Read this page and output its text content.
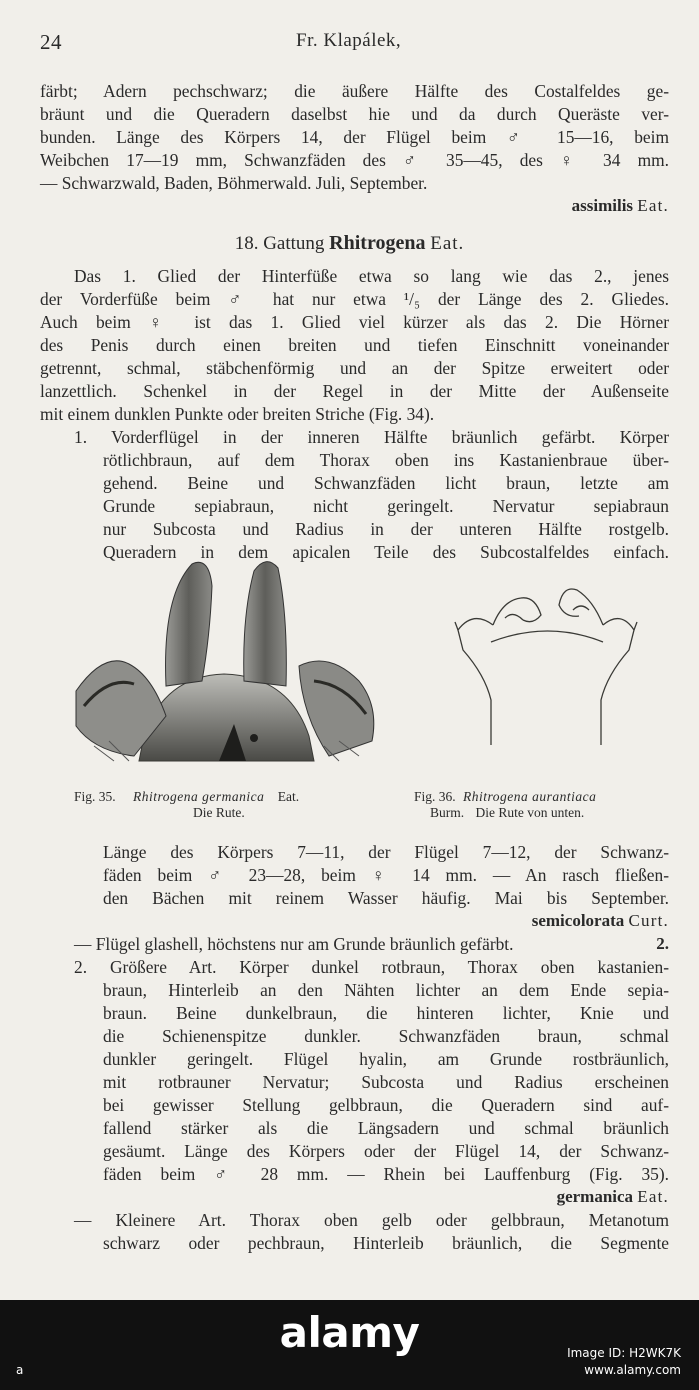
24	Fr. Klapálek,
färbt; Adern pechschwarz; die äußere Hälfte des Costalfeldes ge-
bräunt und die Queradern daselbst hie und da durch Queräste ver-
bunden. Länge des Körpers 14, der Flügel beim ♂ 15—16, beim
Weibchen 17—19 mm, Schwanzfäden des ♂ 35—45, des ♀ 34 mm.
— Schwarzwald, Baden, Böhmerwald. Juli, September.
assimilis Eat.
18. Gattung Rhitrogena Eat.
Das 1. Glied der Hinterfüße etwa so lang wie das 2., jenes
der Vorderfüße beim ♂ hat nur etwa ¹/₅ der Länge des 2. Gliedes.
Auch beim ♀ ist das 1. Glied viel kürzer als das 2. Die Hörner
des Penis durch einen breiten und tiefen Einschnitt voneinander
getrennt, schmal, stäbchenförmig und an der Spitze erweitert oder
lanzettlich. Schenkel in der Regel in der Mitte der Außenseite
mit einem dunklen Punkte oder breiten Striche (Fig. 34).
1. Vorderflügel in der inneren Hälfte bräunlich gefärbt. Körper
rötlichbraun, auf dem Thorax oben ins Kastanienbraue über-
gehend. Beine und Schwanzfäden licht braun, letzte am
Grunde sepiabraun, nicht geringelt. Nervatur sepiabraun
nur Subcosta und Radius in der unteren Hälfte rostgelb.
Queradern in dem apicalen Teile des Subcostalfeldes einfach.
Fig. 35. Rhitrogena germanica Eat.
Die Rute.
Fig. 36. Rhitrogena aurantiaca
Burm. Die Rute von unten.
Länge des Körpers 7—11, der Flügel 7—12, der Schwanz-
fäden beim ♂ 23—28, beim ♀ 14 mm. — An rasch fließen-
den Bächen mit reinem Wasser häufig. Mai bis September.
semicolorata Curt.
— Flügel glashell, höchstens nur am Grunde bräunlich gefärbt.	2.
2. Größere Art. Körper dunkel rotbraun, Thorax oben kastanien-
braun, Hinterleib an den Nähten lichter an dem Ende sepia-
braun. Beine dunkelbraun, die hinteren lichter, Knie und
die Schienenspitze dunkler. Schwanzfäden braun, schmal
dunkler geringelt. Flügel hyalin, am Grunde rostbräunlich,
mit rotbrauner Nervatur; Subcosta und Radius erscheinen
bei gewisser Stellung gelbbraun, die Queradern sind auf-
fallend stärker als die Längsadern und schmal bräunlich
gesäumt. Länge des Körpers oder der Flügel 14, der Schwanz-
fäden beim ♂ 28 mm. — Rhein bei Lauffenburg (Fig. 35).
germanica Eat.
— Kleinere Art. Thorax oben gelb oder gelbbraun, Metanotum
schwarz oder pechbraun, Hinterleib bräunlich, die Segmente
a
alamy	Image ID: H2WK7K
www.alamy.com
